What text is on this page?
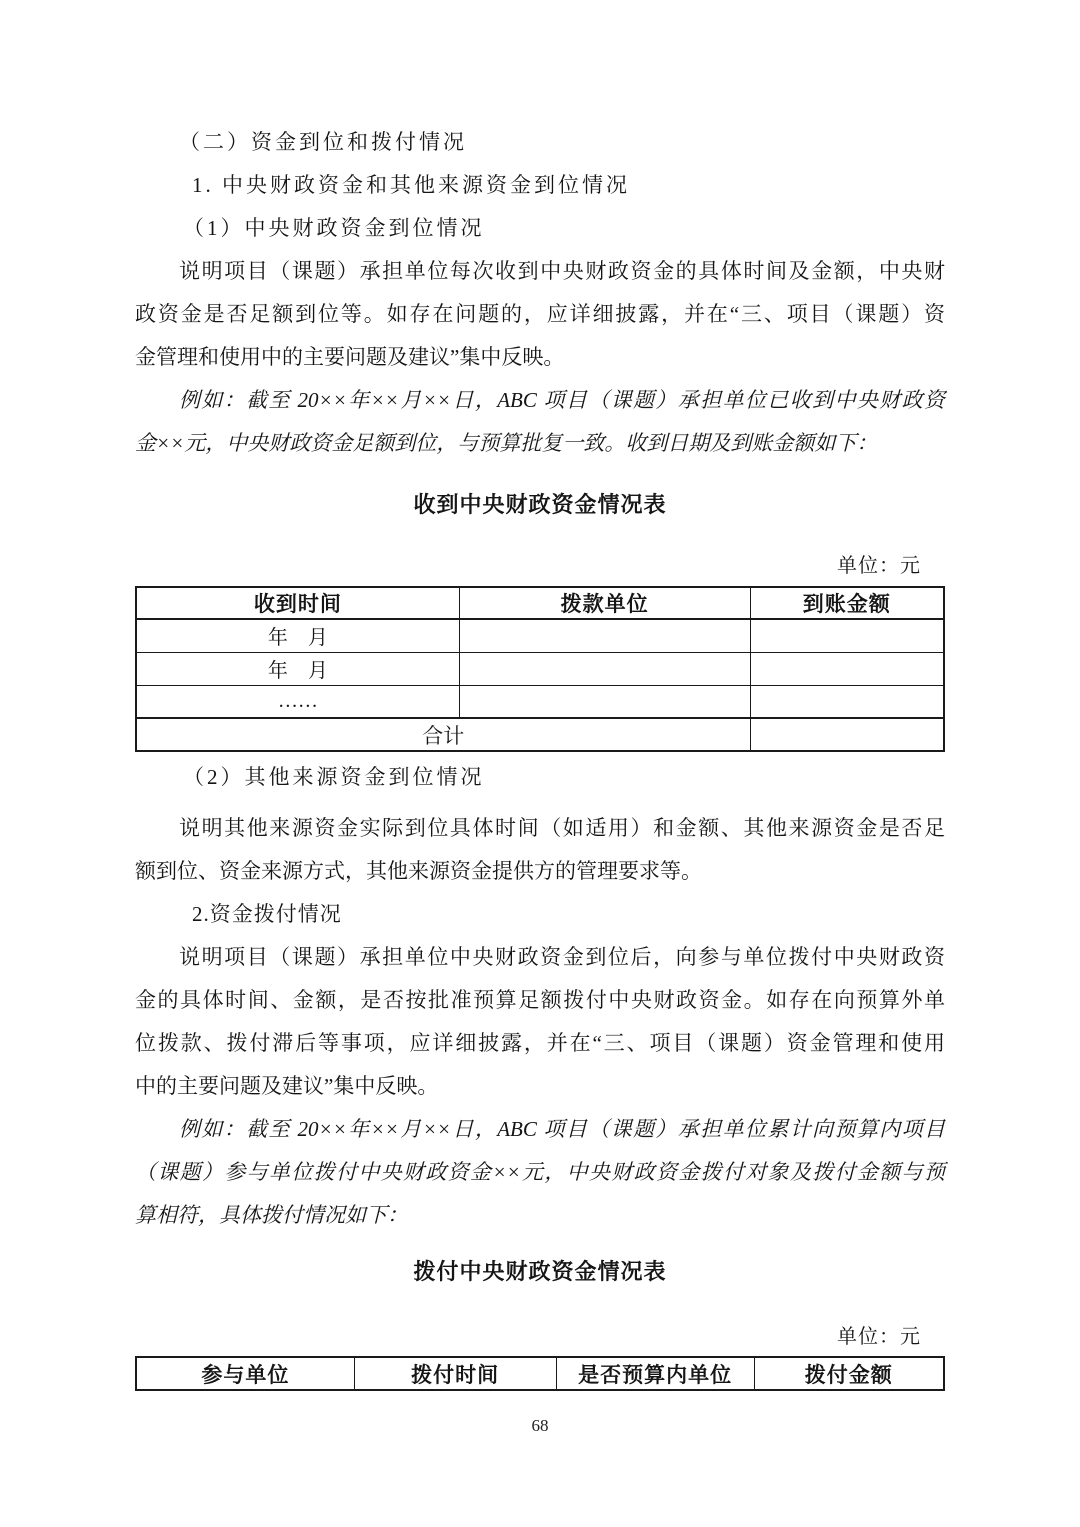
（二）资金到位和拨付情况
1. 中央财政资金和其他来源资金到位情况
（1）中央财政资金到位情况
说明项目（课题）承担单位每次收到中央财政资金的具体时间及金额，中央财
政资金是否足额到位等。如存在问题的，应详细披露，并在“三、项目（课题）资
金管理和使用中的主要问题及建议”集中反映。
例如：截至 20××年××月××日，ABC 项目（课题）承担单位已收到中央财政资
金××元，中央财政资金足额到位，与预算批复一致。收到日期及到账金额如下：
收到中央财政资金情况表
单位：元
收到时间	拨款单位	到账金额
年　月		
年　月		
……		
合计		
（2）其他来源资金到位情况
说明其他来源资金实际到位具体时间（如适用）和金额、其他来源资金是否足
额到位、资金来源方式，其他来源资金提供方的管理要求等。
2.资金拨付情况
说明项目（课题）承担单位中央财政资金到位后，向参与单位拨付中央财政资
金的具体时间、金额，是否按批准预算足额拨付中央财政资金。如存在向预算外单
位拨款、拨付滞后等事项，应详细披露，并在“三、项目（课题）资金管理和使用
中的主要问题及建议”集中反映。
例如：截至 20××年××月××日，ABC 项目（课题）承担单位累计向预算内项目
（课题）参与单位拨付中央财政资金××元，中央财政资金拨付对象及拨付金额与预
算相符，具体拨付情况如下：
拨付中央财政资金情况表
单位：元
参与单位	拨付时间	是否预算内单位	拨付金额
68
